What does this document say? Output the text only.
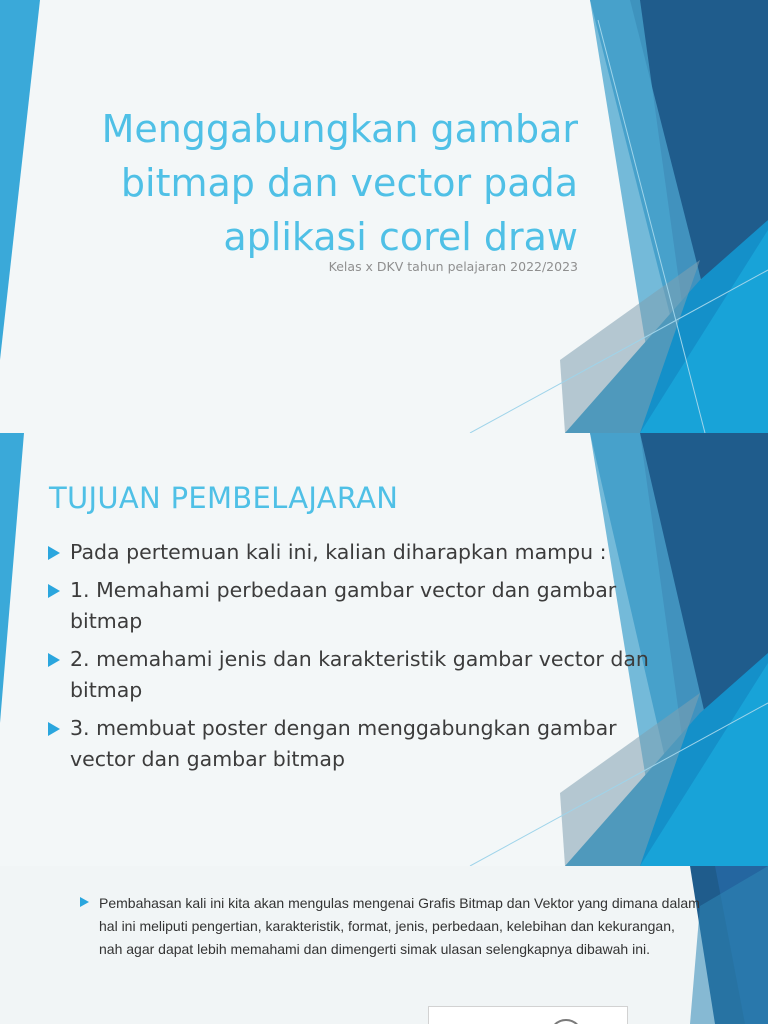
Menggabungkan gambar bitmap dan vector pada aplikasi corel draw
Kelas x DKV tahun pelajaran 2022/2023
TUJUAN PEMBELAJARAN
Pada pertemuan kali ini, kalian diharapkan mampu :
1. Memahami perbedaan gambar vector dan gambar bitmap
2. memahami jenis dan karakteristik gambar vector dan bitmap
3. membuat poster dengan menggabungkan gambar vector dan gambar bitmap

Pembahasan kali ini kita akan mengulas mengenai Grafis Bitmap dan Vektor yang dimana dalam hal ini meliputi pengertian, karakteristik, format, jenis, perbedaan, kelebihan dan kekurangan, nah agar dapat lebih memahami dan dimengerti simak ulasan selengkapnya dibawah ini.
